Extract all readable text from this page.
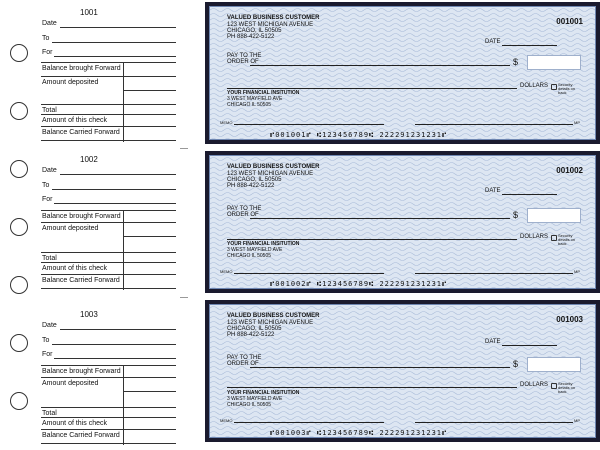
1001
Date
To
For
Balance brought Forward
Amount deposited
Total
Amount of this check
Balance Carried Forward
1002
Date
To
For
Balance brought Forward
Amount deposited
Total
Amount of this check
Balance Carried Forward
1003
Date
To
For
Balance brought Forward
Amount deposited
Total
Amount of this check
Balance Carried Forward
VALUED BUSINESS CUSTOMER
123 WEST MICHIGAN AVENUE
CHICAGO, IL 50505
PH 888-422-5122
001001
DATE
PAY TO THE
ORDER OF	$
DOLLARS Security details on back
YOUR FINANCIAL INSITUTION
3 WEST MAYFIELD AVE
CHICAGO IL 50505
MEMO	MP
⑈001001⑈ ⑆123456789⑆ 222291231231⑈
VALUED BUSINESS CUSTOMER
123 WEST MICHIGAN AVENUE
CHICAGO, IL 50505
PH 888-422-5122
001002
DATE
PAY TO THE
ORDER OF	$
DOLLARS Security details on back
YOUR FINANCIAL INSITUTION
3 WEST MAYFIELD AVE
CHICAGO IL 50505
MEMO	MP
⑈001002⑈ ⑆123456789⑆ 222291231231⑈
VALUED BUSINESS CUSTOMER
123 WEST MICHIGAN AVENUE
CHICAGO, IL 50505
PH 888-422-5122
001003
DATE
PAY TO THE
ORDER OF	$
DOLLARS Security details on back
YOUR FINANCIAL INSITUTION
3 WEST MAYFIELD AVE
CHICAGO IL 50505
MEMO	MP
⑈001003⑈ ⑆123456789⑆ 222291231231⑈
